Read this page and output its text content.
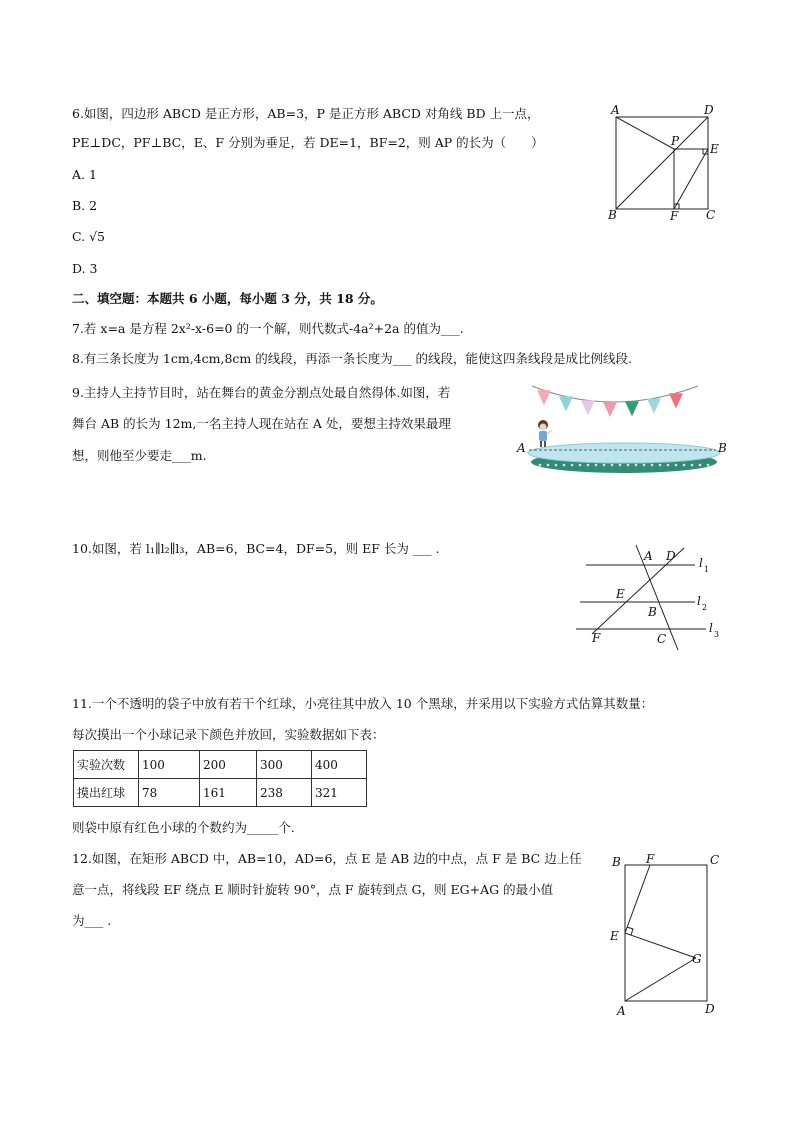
6.如图，四边形 ABCD 是正方形，AB=3，P 是正方形 ABCD 对角线 BD 上一点，
PE⊥DC，PF⊥BC，E、F 分别为垂足，若 DE=1，BF=2，则 AP 的长为（　　）
A. 1
B. 2
C. √5
D. 3
A	D
P
E
B	F C
二、填空题：本题共 6 小题，每小题 3 分，共 18 分。
7.若 x=a 是方程 2x²-x-6=0 的一个解，则代数式-4a²+2a 的值为___.
8.有三条长度为 1cm,4cm,8cm 的线段，再添一条长度为___ 的线段，能使这四条线段是成比例线段.
9.主持人主持节目时，站在舞台的黄金分割点处最自然得体.如图，若
舞台 AB 的长为 12m,一名主持人现在站在 A 处，要想主持效果最理
想，则他至少要走___m.	A	B
10.如图，若 l₁∥l₂∥l₃，AB=6，BC=4，DF=5，则 EF 长为 ___ .	A D
E
B
F	C
l 1
l 2
l 3
11.一个不透明的袋子中放有若干个红球，小亮往其中放入 10 个黑球，并采用以下实验方式估算其数量：
每次摸出一个小球记录下颜色并放回，实验数据如下表：
实验次数	100	200	300	400
摸出红球	78	161	238	321
则袋中原有红色小球的个数约为_____个.
12.如图，在矩形 ABCD 中，AB=10，AD=6，点 E 是 AB 边的中点，点 F 是 BC 边上任
意一点，将线段 EF 绕点 E 顺时针旋转 90°，点 F 旋转到点 G，则 EG+AG 的最小值
为___ .
B F	C
E
G
A	D
